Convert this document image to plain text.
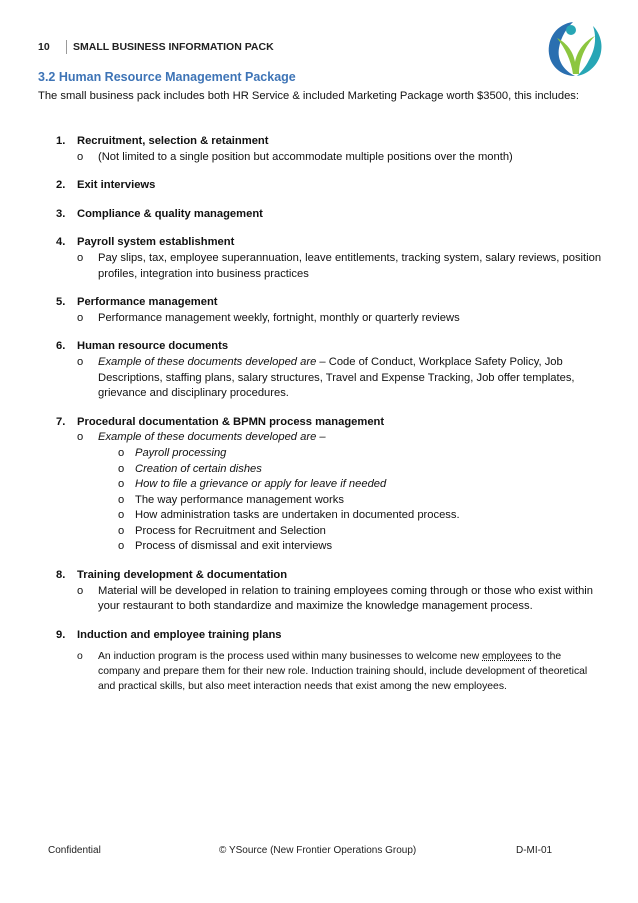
10	SMALL BUSINESS INFORMATION PACK
3.2 Human Resource Management Package
The small business pack includes both HR Service & included Marketing Package worth $3500, this includes:
1. Recruitment, selection & retainment
o (Not limited to a single position but accommodate multiple positions over the month)
2. Exit interviews
3. Compliance & quality management
4. Payroll system establishment
o Pay slips, tax, employee superannuation, leave entitlements, tracking system, salary reviews, position profiles, integration into business practices
5. Performance management
o Performance management weekly, fortnight, monthly or quarterly reviews
6. Human resource documents
o Example of these documents developed are – Code of Conduct, Workplace Safety Policy, Job Descriptions, staffing plans, salary structures, Travel and Expense Tracking, Job offer templates, grievance and disciplinary procedures.
7. Procedural documentation & BPMN process management
o Example of these documents developed are –
o Payroll processing
o Creation of certain dishes
o How to file a grievance or apply for leave if needed
o The way performance management works
o How administration tasks are undertaken in documented process.
o Process for Recruitment and Selection
o Process of dismissal and exit interviews
8. Training development & documentation
o Material will be developed in relation to training employees coming through or those who exist within your restaurant to both standardize and maximize the knowledge management process.
9. Induction and employee training plans
o An induction program is the process used within many businesses to welcome new employees to the company and prepare them for their new role. Induction training should, include development of theoretical and practical skills, but also meet interaction needs that exist among the new employees.
Confidential	© YSource (New Frontier Operations Group)	D-MI-01
